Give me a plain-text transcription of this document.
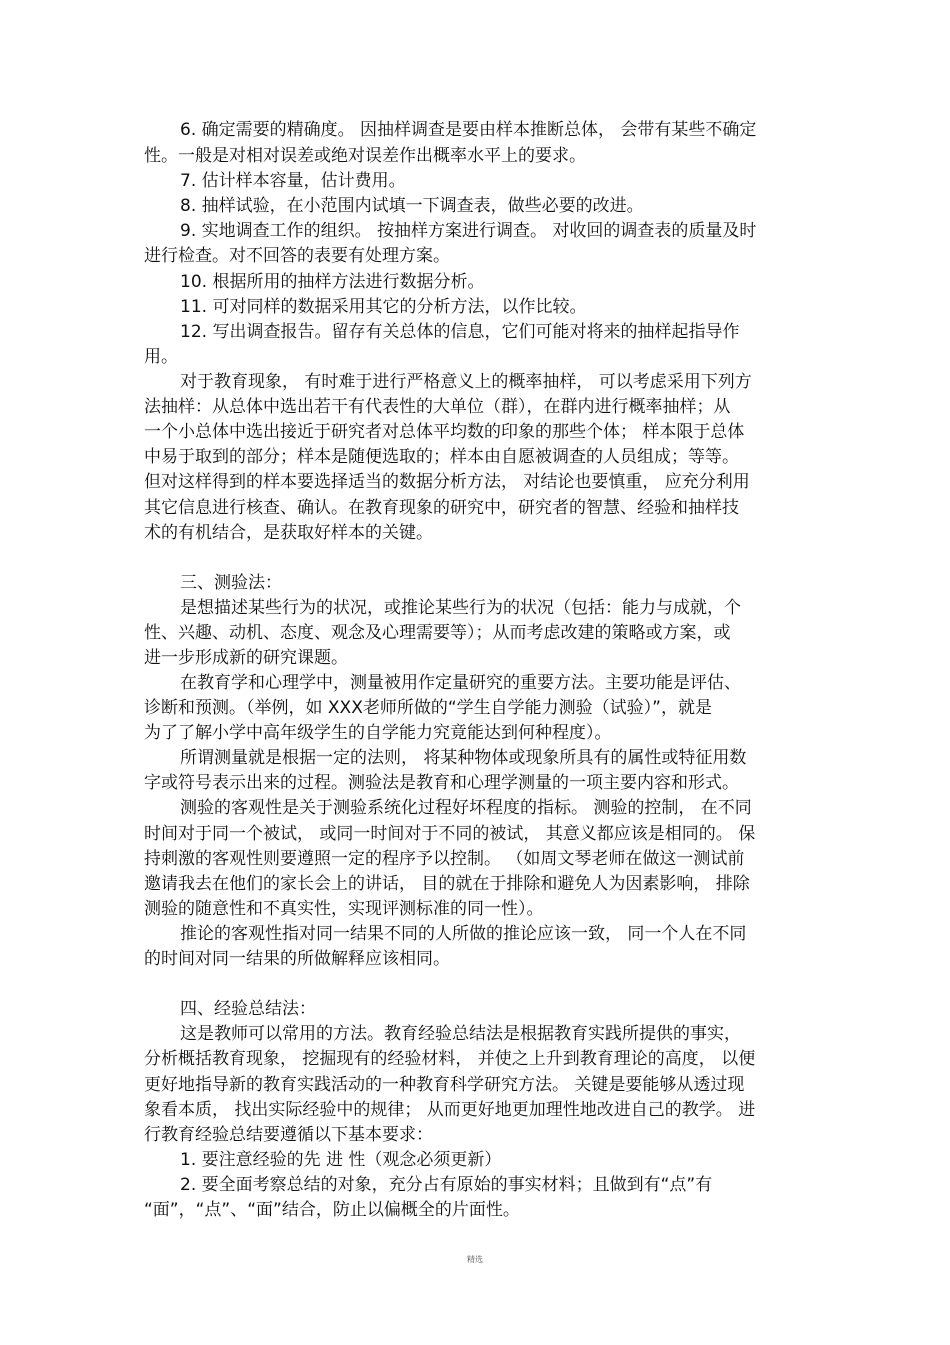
6. 确定需要的精确度。 因抽样调查是要由样本推断总体， 会带有某些不确定
性。一般是对相对误差或绝对误差作出概率水平上的要求。
7. 估计样本容量，估计费用。
8. 抽样试验，在小范围内试填一下调查表，做些必要的改进。
9. 实地调查工作的组织。 按抽样方案进行调查。 对收回的调查表的质量及时
进行检查。对不回答的表要有处理方案。
10. 根据所用的抽样方法进行数据分析。
11. 可对同样的数据采用其它的分析方法，以作比较。
12. 写出调查报告。留存有关总体的信息，它们可能对将来的抽样起指导作
用。
对于教育现象， 有时难于进行严格意义上的概率抽样， 可以考虑采用下列方
法抽样：从总体中选出若干有代表性的大单位（群），在群内进行概率抽样；从
一个小总体中选出接近于研究者对总体平均数的印象的那些个体； 样本限于总体
中易于取到的部分；样本是随便选取的；样本由自愿被调查的人员组成；等等。
但对这样得到的样本要选择适当的数据分析方法， 对结论也要慎重， 应充分利用
其它信息进行核查、确认。在教育现象的研究中，研究者的智慧、经验和抽样技
术的有机结合，是获取好样本的关键。
三、测验法：
是想描述某些行为的状况，或推论某些行为的状况（包括：能力与成就，个
性、兴趣、动机、态度、观念及心理需要等）；从而考虑改建的策略或方案，或
进一步形成新的研究课题。
在教育学和心理学中，测量被用作定量研究的重要方法。主要功能是评估、
诊断和预测。（举例，如 XXX老师所做的“学生自学能力测验（试验）”，就是
为了了解小学中高年级学生的自学能力究竟能达到何种程度）。
所谓测量就是根据一定的法则， 将某种物体或现象所具有的属性或特征用数
字或符号表示出来的过程。测验法是教育和心理学测量的一项主要内容和形式。
测验的客观性是关于测验系统化过程好坏程度的指标。 测验的控制， 在不同
时间对于同一个被试， 或同一时间对于不同的被试， 其意义都应该是相同的。 保
持刺激的客观性则要遵照一定的程序予以控制。 （如周文琴老师在做这一测试前
邀请我去在他们的家长会上的讲话， 目的就在于排除和避免人为因素影响， 排除
测验的随意性和不真实性，实现评测标准的同一性）。
推论的客观性指对同一结果不同的人所做的推论应该一致， 同一个人在不同
的时间对同一结果的所做解释应该相同。
四、经验总结法：
这是教师可以常用的方法。教育经验总结法是根据教育实践所提供的事实，
分析概括教育现象， 挖掘现有的经验材料， 并使之上升到教育理论的高度， 以便
更好地指导新的教育实践活动的一种教育科学研究方法。 关键是要能够从透过现
象看本质， 找出实际经验中的规律； 从而更好地更加理性地改进自己的教学。 进
行教育经验总结要遵循以下基本要求：
1. 要注意经验的先 进 性（观念必须更新）
2. 要全面考察总结的对象，充分占有原始的事实材料；且做到有“点”有
“面”，“点”、“面”结合，防止以偏概全的片面性。
精选
